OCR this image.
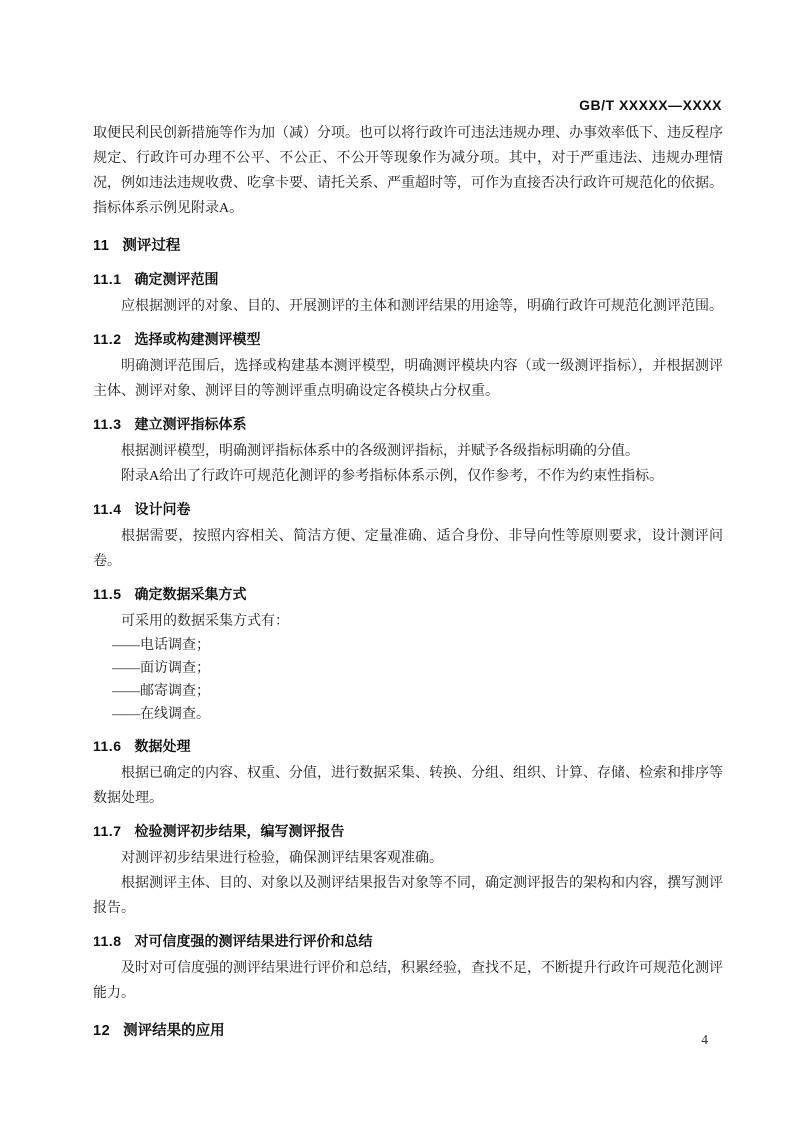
GB/T XXXXX—XXXX

取便民利民创新措施等作为加（减）分项。也可以将行政许可违法违规办理、办事效率低下、违反程序规定、行政许可办理不公平、不公正、不公开等现象作为减分项。其中，对于严重违法、违规办理情况，例如违法违规收费、吃拿卡要、请托关系、严重超时等，可作为直接否决行政许可规范化的依据。指标体系示例见附录A。

11 测评过程
11.1 确定测评范围

应根据测评的对象、目的、开展测评的主体和测评结果的用途等，明确行政许可规范化测评范围。

11.2 选择或构建测评模型

明确测评范围后，选择或构建基本测评模型，明确测评模块内容（或一级测评指标），并根据测评主体、测评对象、测评目的等测评重点明确设定各模块占分权重。

11.3 建立测评指标体系

根据测评模型，明确测评指标体系中的各级测评指标，并赋予各级指标明确的分值。

附录A给出了行政许可规范化测评的参考指标体系示例，仅作参考，不作为约束性指标。

11.4 设计问卷

根据需要，按照内容相关、简洁方便、定量准确、适合身份、非导向性等原则要求，设计测评问卷。

11.5 确定数据采集方式

可采用的数据采集方式有：

——电话调查；

——面访调查；

——邮寄调查；

——在线调查。

11.6 数据处理

根据已确定的内容、权重、分值，进行数据采集、转换、分组、组织、计算、存储、检索和排序等数据处理。

11.7 检验测评初步结果，编写测评报告

对测评初步结果进行检验，确保测评结果客观准确。

根据测评主体、目的、对象以及测评结果报告对象等不同，确定测评报告的架构和内容，撰写测评报告。

11.8 对可信度强的测评结果进行评价和总结

及时对可信度强的测评结果进行评价和总结，积累经验，查找不足，不断提升行政许可规范化测评能力。

12 测评结果的应用
4
